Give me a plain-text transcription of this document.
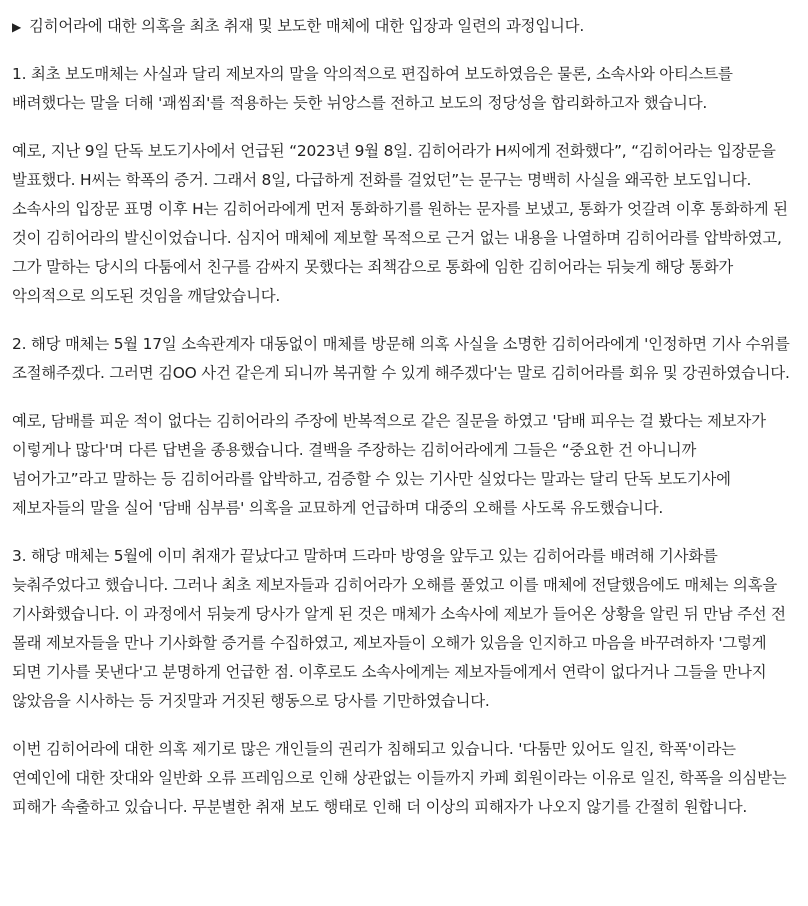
▶ 김히어라에 대한 의혹을 최초 취재 및 보도한 매체에 대한 입장과 일련의 과정입니다.

1. 최초 보도매체는 사실과 달리 제보자의 말을 악의적으로 편집하여 보도하였음은 물론, 소속사와 아티스트를 배려했다는 말을 더해 '괘씸죄'를 적용하는 듯한 뉘앙스를 전하고 보도의 정당성을 합리화하고자 했습니다.

예로, 지난 9일 단독 보도기사에서 언급된 “2023년 9월 8일. 김히어라가 H씨에게 전화했다”, “김히어라는 입장문을 발표했다. H씨는 학폭의 증거. 그래서 8일, 다급하게 전화를 걸었던”는 문구는 명백히 사실을 왜곡한 보도입니다. 소속사의 입장문 표명 이후 H는 김히어라에게 먼저 통화하기를 원하는 문자를 보냈고, 통화가 엇갈려 이후 통화하게 된 것이 김히어라의 발신이었습니다. 심지어 매체에 제보할 목적으로 근거 없는 내용을 나열하며 김히어라를 압박하였고, 그가 말하는 당시의 다툼에서 친구를 감싸지 못했다는 죄책감으로 통화에 임한 김히어라는 뒤늦게 해당 통화가 악의적으로 의도된 것임을 깨달았습니다.

2. 해당 매체는 5월 17일 소속관계자 대동없이 매체를 방문해 의혹 사실을 소명한 김히어라에게 '인정하면 기사 수위를 조절해주겠다. 그러면 김OO 사건 같은게 되니까 복귀할 수 있게 해주겠다'는 말로 김히어라를 회유 및 강권하였습니다.

예로, 담배를 피운 적이 없다는 김히어라의 주장에 반복적으로 같은 질문을 하였고 '담배 피우는 걸 봤다는 제보자가 이렇게나 많다'며 다른 답변을 종용했습니다. 결백을 주장하는 김히어라에게 그들은 “중요한 건 아니니까 넘어가고”라고 말하는 등 김히어라를 압박하고, 검증할 수 있는 기사만 실었다는 말과는 달리 단독 보도기사에 제보자들의 말을 실어 '담배 심부름' 의혹을 교묘하게 언급하며 대중의 오해를 사도록 유도했습니다.

3. 해당 매체는 5월에 이미 취재가 끝났다고 말하며 드라마 방영을 앞두고 있는 김히어라를 배려해 기사화를 늦춰주었다고 했습니다. 그러나 최초 제보자들과 김히어라가 오해를 풀었고 이를 매체에 전달했음에도 매체는 의혹을 기사화했습니다. 이 과정에서 뒤늦게 당사가 알게 된 것은 매체가 소속사에 제보가 들어온 상황을 알린 뒤 만남 주선 전 몰래 제보자들을 만나 기사화할 증거를 수집하였고, 제보자들이 오해가 있음을 인지하고 마음을 바꾸려하자 '그렇게 되면 기사를 못낸다'고 분명하게 언급한 점. 이후로도 소속사에게는 제보자들에게서 연락이 없다거나 그들을 만나지 않았음을 시사하는 등 거짓말과 거짓된 행동으로 당사를 기만하였습니다.

이번 김히어라에 대한 의혹 제기로 많은 개인들의 권리가 침해되고 있습니다. '다툼만 있어도 일진, 학폭'이라는 연예인에 대한 잣대와 일반화 오류 프레임으로 인해 상관없는 이들까지 카페 회원이라는 이유로 일진, 학폭을 의심받는 피해가 속출하고 있습니다. 무분별한 취재 보도 행태로 인해 더 이상의 피해자가 나오지 않기를 간절히 원합니다.
